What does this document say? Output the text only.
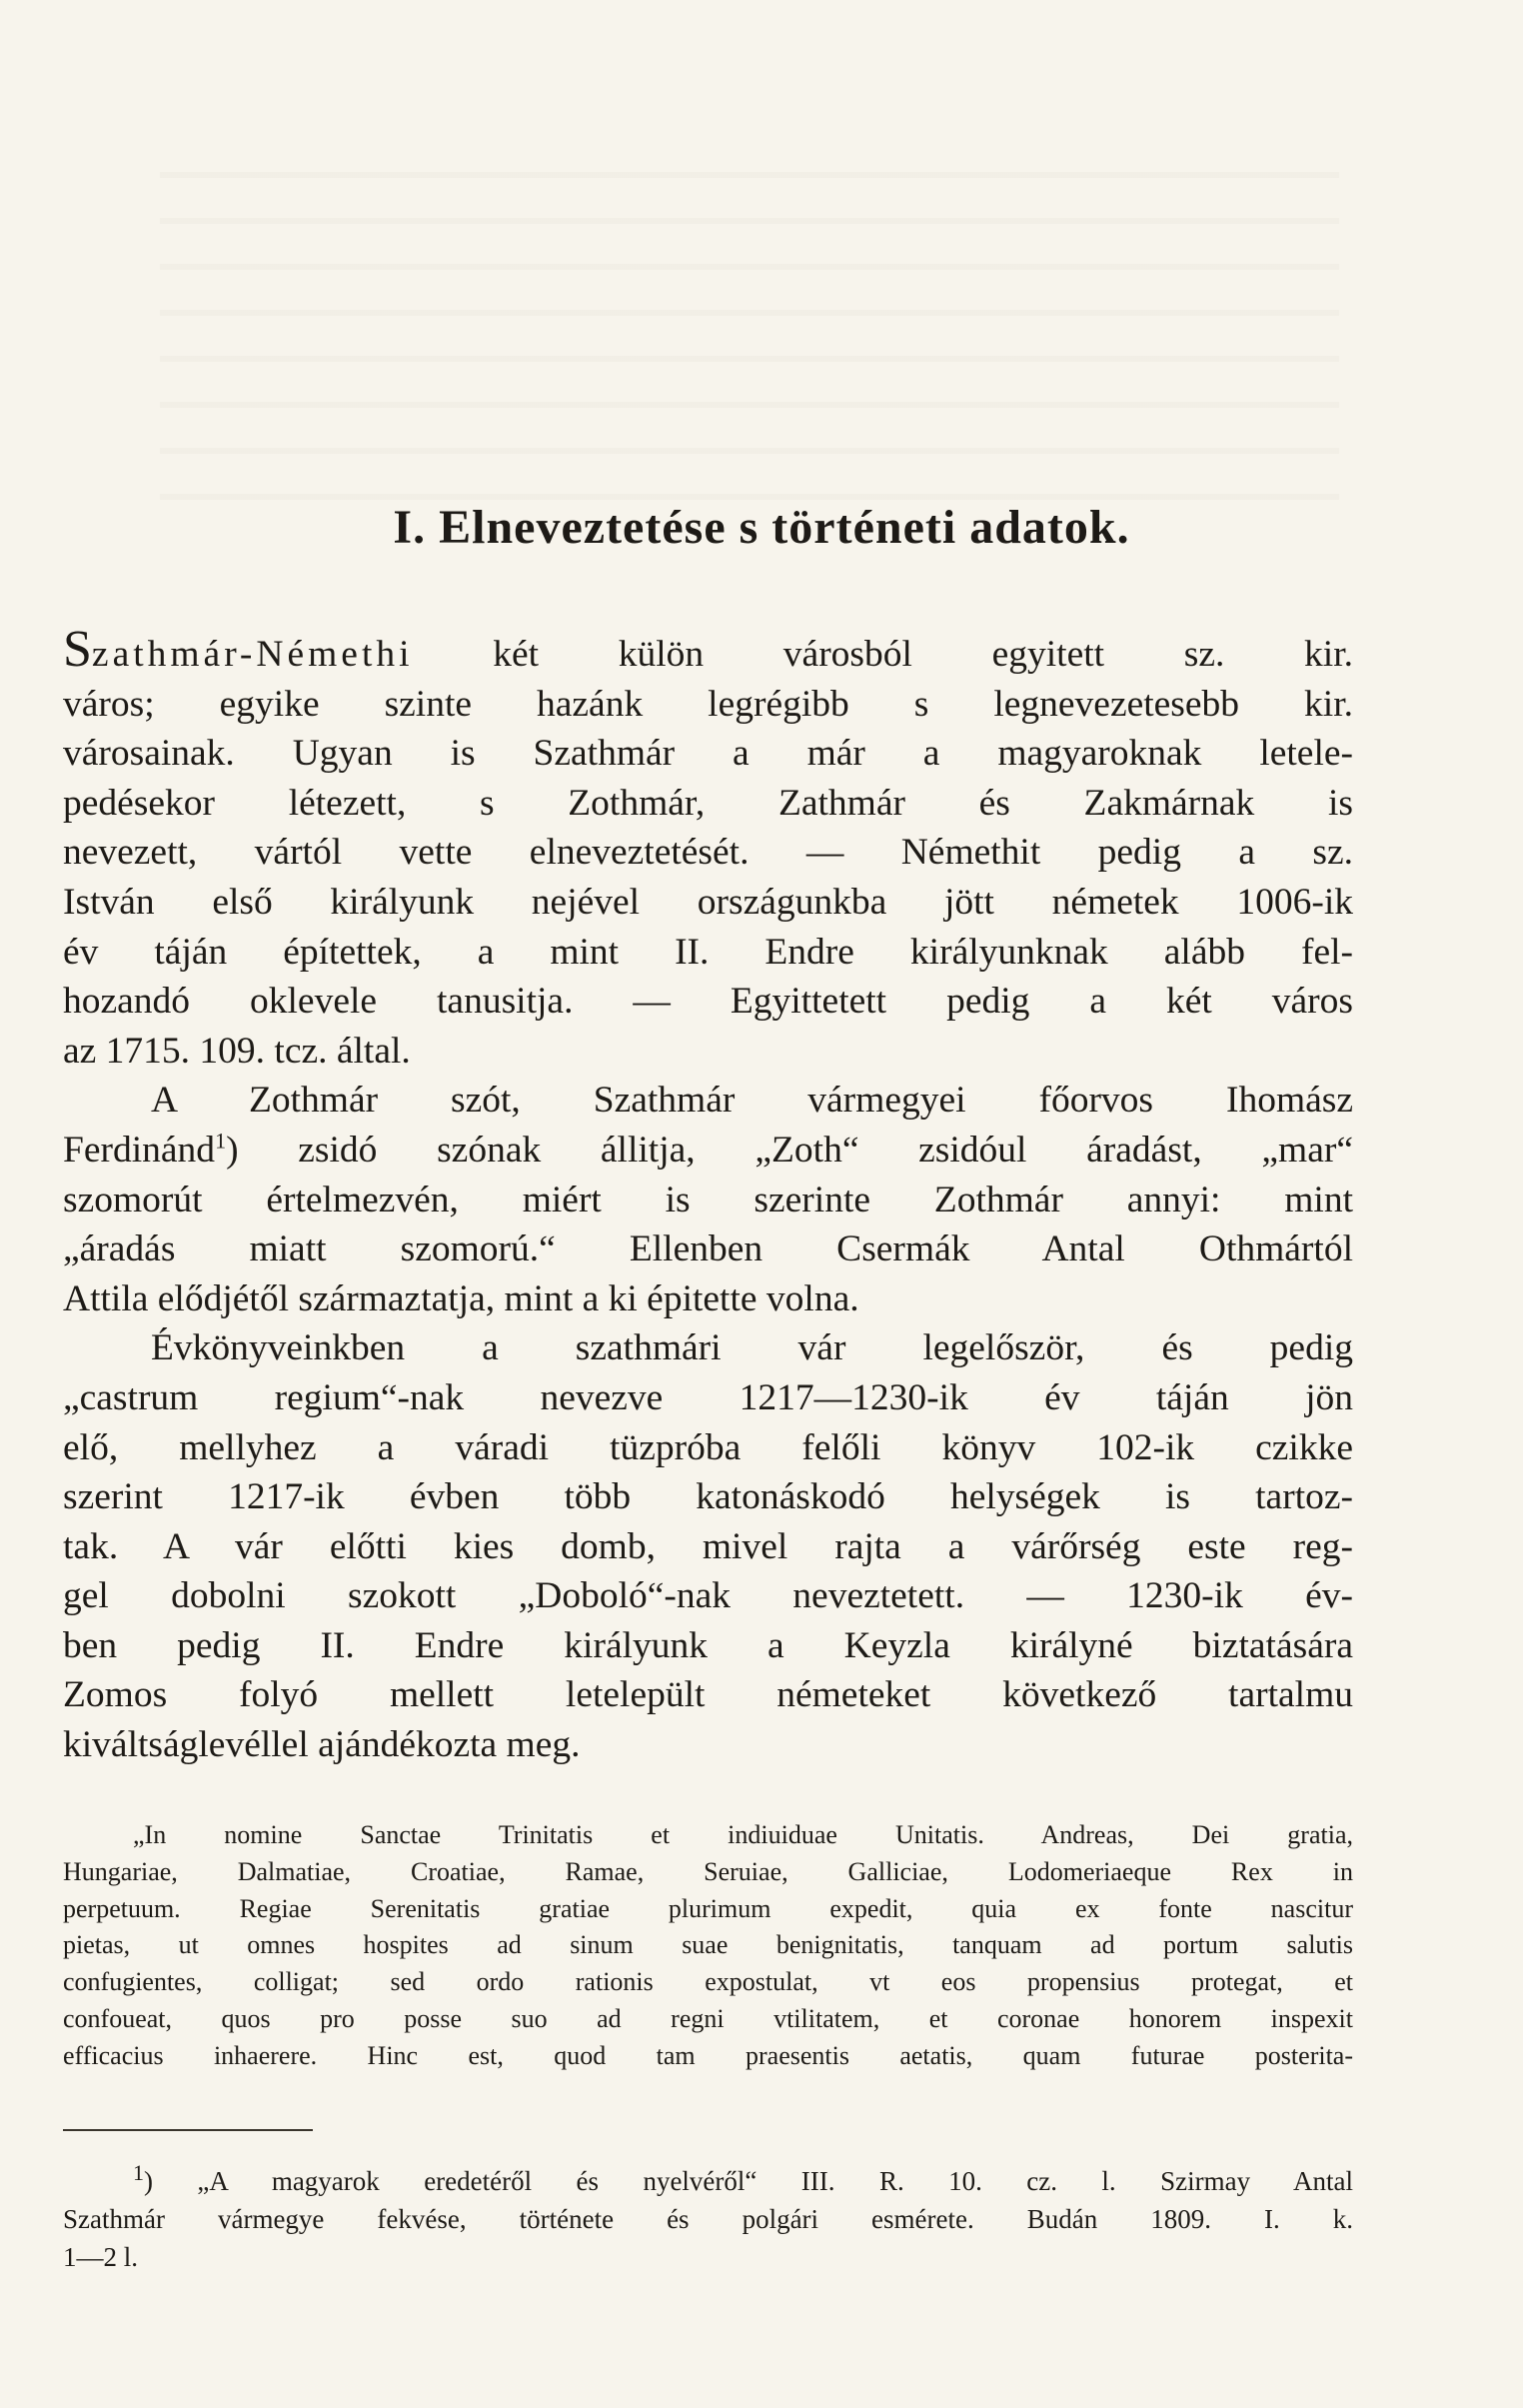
I. Elneveztetése s történeti adatok.

Szathmár-Némethi két külön városból egyitett sz. kir.

város; egyike szinte hazánk legrégibb s legnevezetesebb kir.

városainak. Ugyan is Szathmár a már a magyaroknak letele-

pedésekor létezett, s Zothmár, Zathmár és Zakmárnak is

nevezett, vártól vette elneveztetését. — Némethit pedig a sz.

István első királyunk nejével országunkba jött németek 1006-ik

év táján építettek, a mint II. Endre királyunknak alább fel-

hozandó oklevele tanusitja. — Egyittetett pedig a két város

az 1715. 109. tcz. által.

A Zothmár szót, Szathmár vármegyei főorvos Ihomász

Ferdinánd$^1$) zsidó szónak állitja, „Zoth“ zsidóul áradást, „mar“

szomorút értelmezvén, miért is szerinte Zothmár annyi: mint

„áradás miatt szomorú.“ Ellenben Csermák Antal Othmártól

Attila elődjétől származtatja, mint a ki épitette volna.

Évkönyveinkben a szathmári vár legelőször, és pedig

„castrum regium“-nak nevezve 1217—1230-ik év táján jön

elő, mellyhez a váradi tüzpróba felőli könyv 102-ik czikke

szerint 1217-ik évben több katonáskodó helységek is tartoz-

tak. A vár előtti kies domb, mivel rajta a várőrség este reg-

gel dobolni szokott „Doboló“-nak neveztetett. — 1230-ik év-

ben pedig II. Endre királyunk a Keyzla királyné biztatására

Zomos folyó mellett letelepült németeket következő tartalmu

kiváltságlevéllel ajándékozta meg.

„In nomine Sanctae Trinitatis et indiuiduae Unitatis. Andreas, Dei gratia,

Hungariae, Dalmatiae, Croatiae, Ramae, Seruiae, Galliciae, Lodomeriaeque Rex in

perpetuum. Regiae Serenitatis gratiae plurimum expedit, quia ex fonte nascitur

pietas, ut omnes hospites ad sinum suae benignitatis, tanquam ad portum salutis

confugientes, colligat; sed ordo rationis expostulat, vt eos propensius protegat, et

confoueat, quos pro posse suo ad regni vtilitatem, et coronae honorem inspexit

efficacius inhaerere. Hinc est, quod tam praesentis aetatis, quam futurae posterita-

$^1$) „A magyarok eredetéről és nyelvéről“ III. R. 10. cz. l. Szirmay Antal

Szathmár vármegye fekvése, története és polgári esmérete. Budán 1809. I. k.

1—2 l.
